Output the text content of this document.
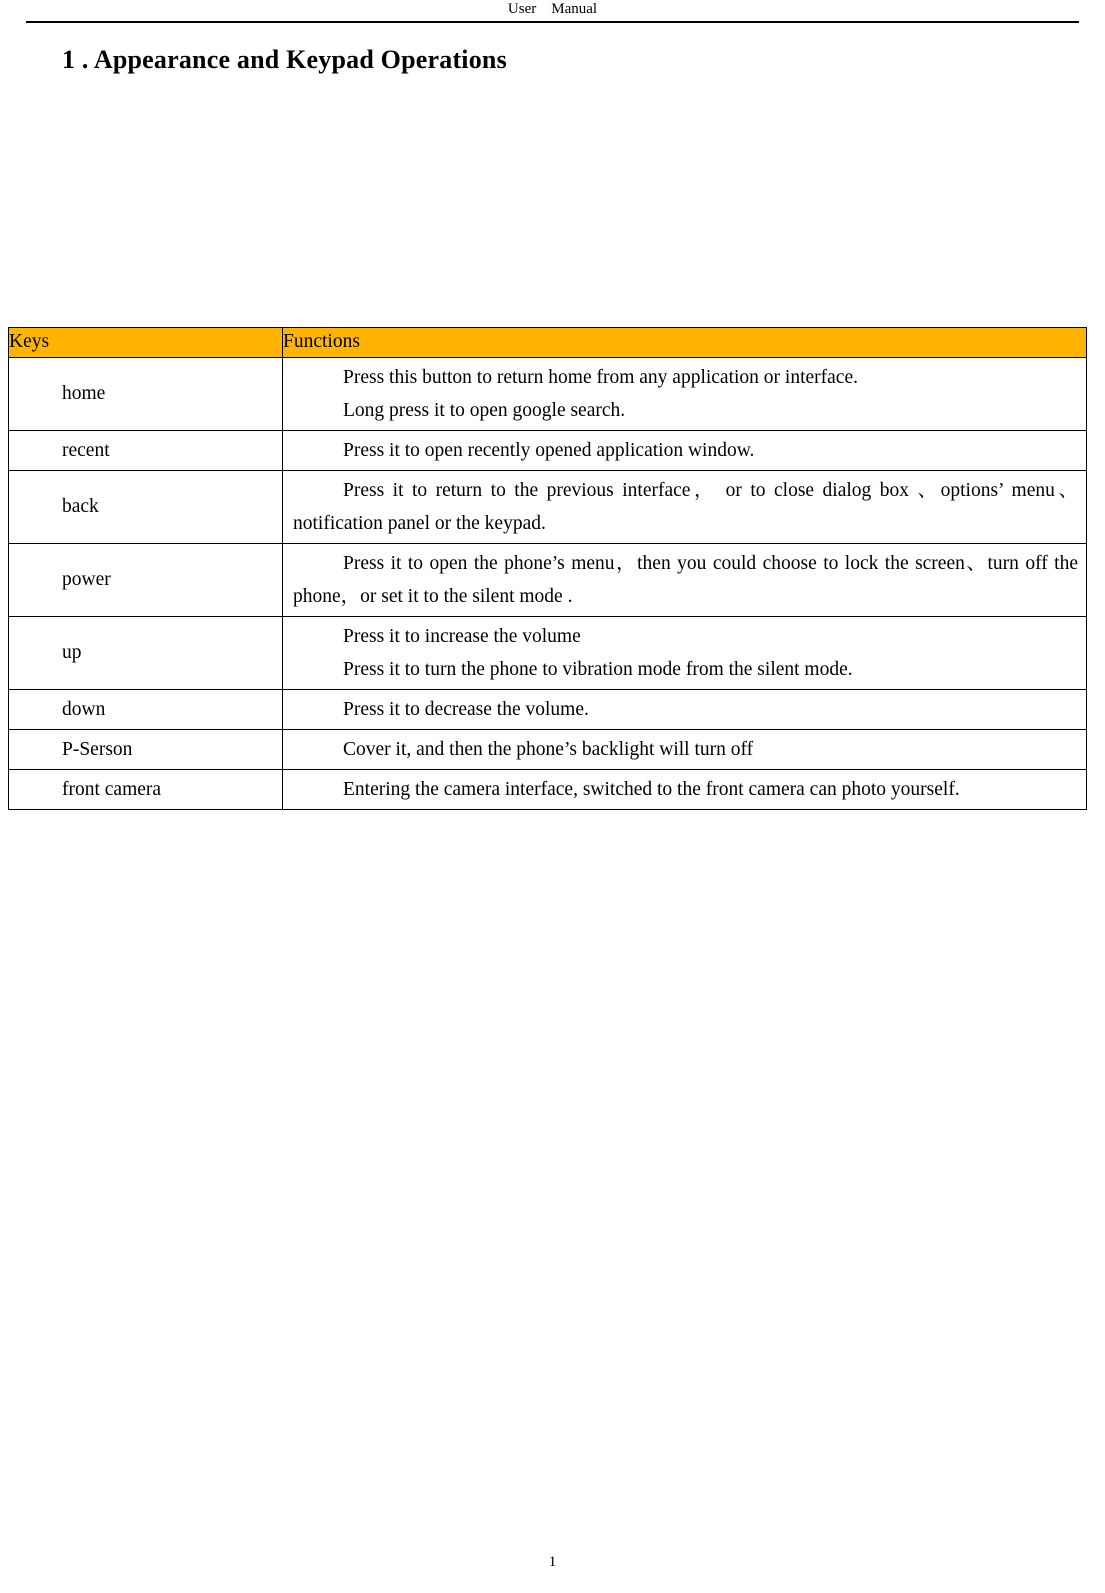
User    Manual
1 . Appearance and Keypad Operations
Keys	Functions
home	Press this button to return home from any application or interface.

Long press it to open google search.

recent	Press it to open recently opened application window.

back	Press it to return to the previous interface， or to close dialog box 、options’ menu、notification panel or the keypad.

power	Press it to open the phone’s menu，then you could choose to lock the screen、turn off the phone，or set it to the silent mode .

up	Press it to increase the volume

Press it to turn the phone to vibration mode from the silent mode.

down	Press it to decrease the volume.

P-Serson	Cover it, and then the phone’s backlight will turn off

front camera	Entering the camera interface, switched to the front camera can photo yourself.

1
